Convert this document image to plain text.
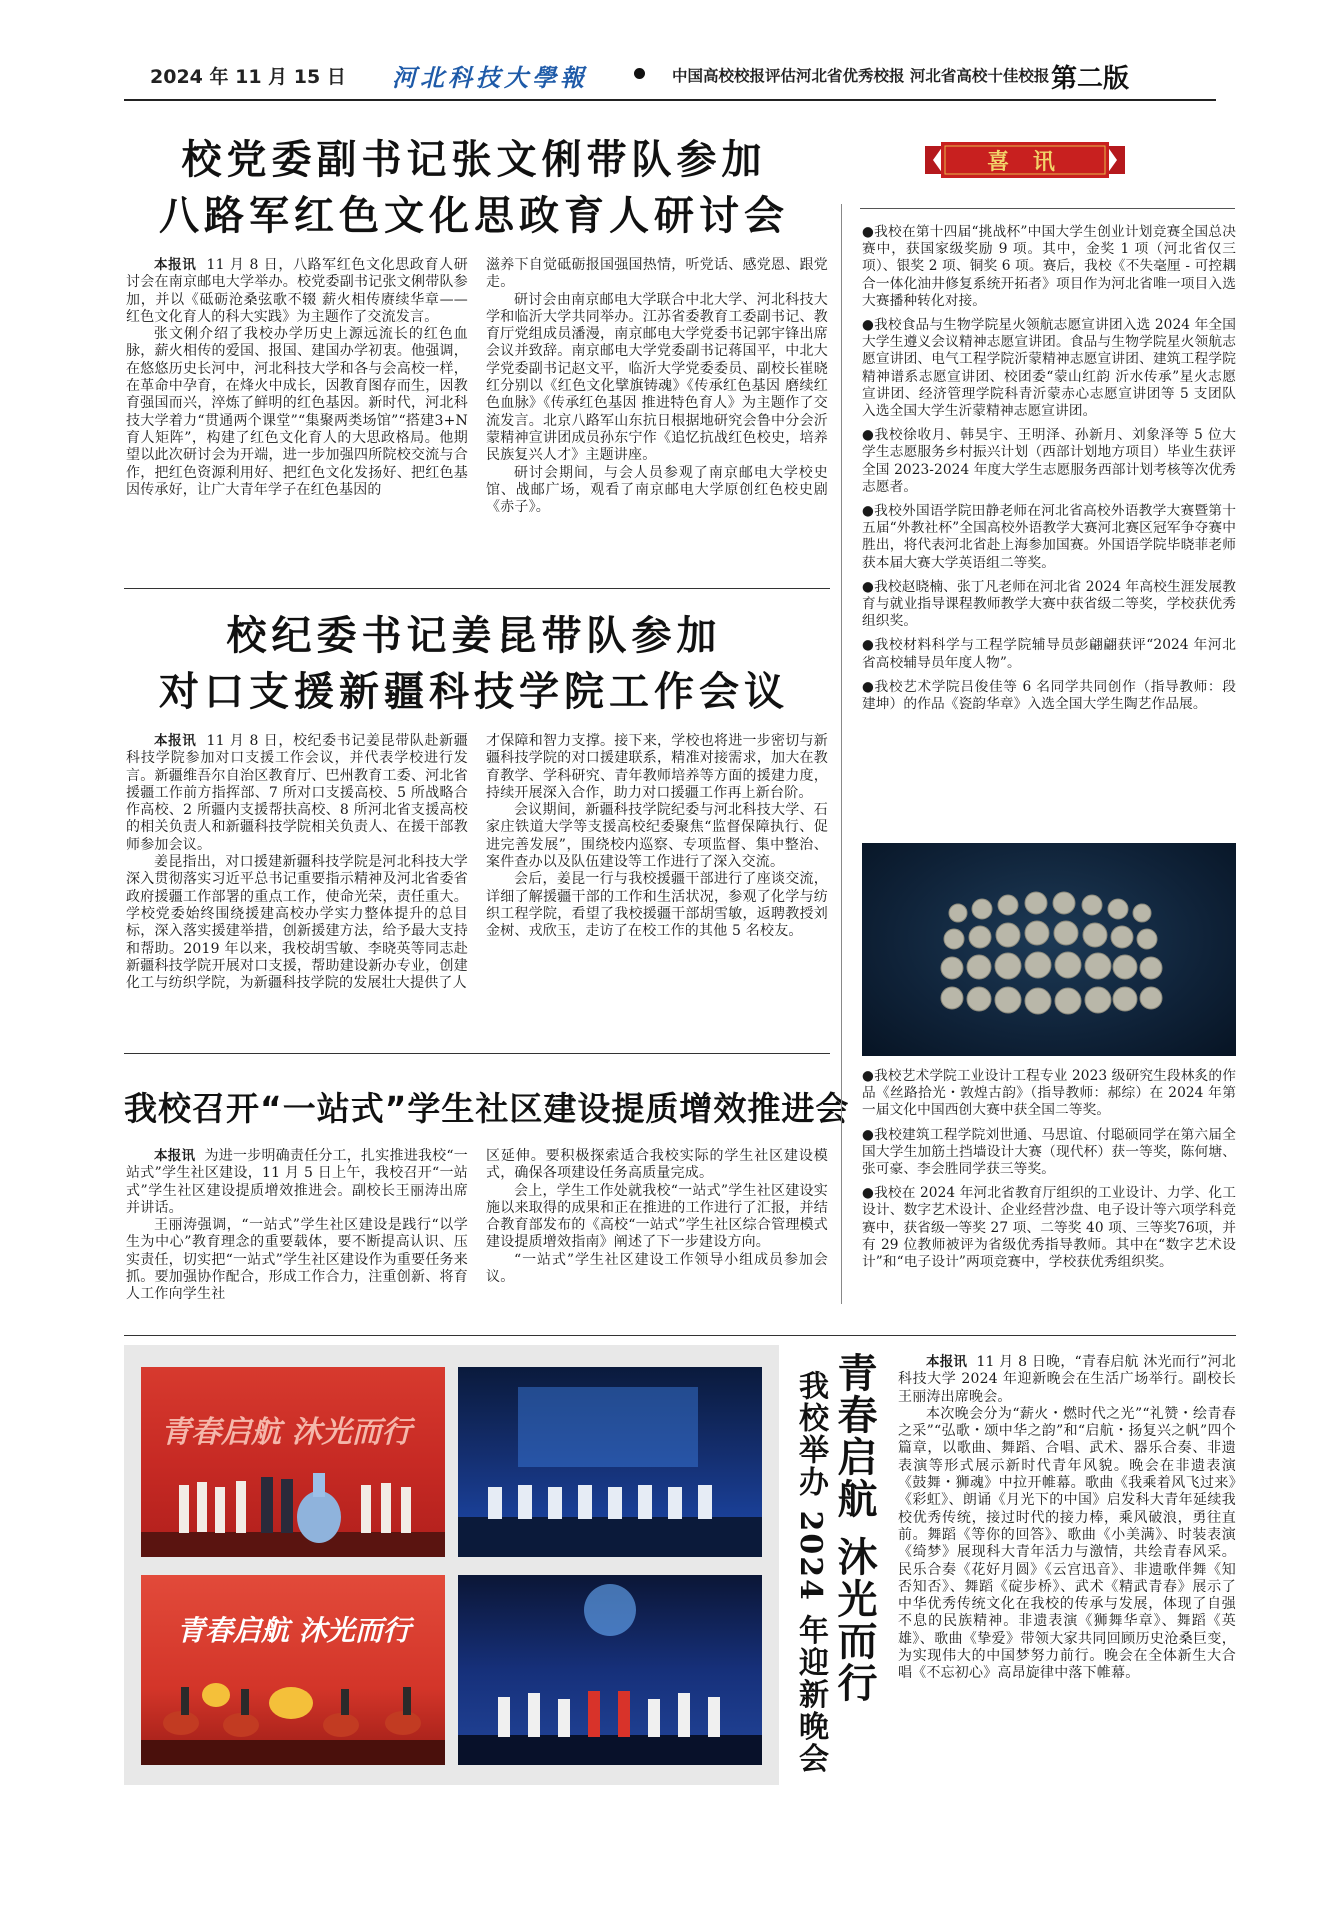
2024 年 11 月 15 日 河北科技大學報	中国高校校报评估河北省优秀校报 河北省高校十佳校报 第二版
校党委副书记张文俐带队参加
八路军红色文化思政育人研讨会

本报讯 11 月 8 日，八路军红色文化思政育人研讨会在南京邮电大学举办。校党委副书记张文俐带队参加，并以《砥砺沧桑弦歌不辍 薪火相传赓续华章——红色文化育人的科大实践》为主题作了交流发言。

张文俐介绍了我校办学历史上源远流长的红色血脉，薪火相传的爱国、报国、建国办学初衷。他强调，在悠悠历史长河中，河北科技大学和各与会高校一样，在革命中孕育，在烽火中成长，因教育图存而生，因教育强国而兴，淬炼了鲜明的红色基因。新时代，河北科技大学着力“贯通两个课堂”“集聚两类场馆”“搭建3+N 育人矩阵”，构建了红色文化育人的大思政格局。他期望以此次研讨会为开端，进一步加强四所院校交流与合作，把红色资源利用好、把红色文化发扬好、把红色基因传承好，让广大青年学子在红色基因的

滋养下自觉砥砺报国强国热情，听党话、感党恩、跟党走。

研讨会由南京邮电大学联合中北大学、河北科技大学和临沂大学共同举办。江苏省委教育工委副书记、教育厅党组成员潘漫，南京邮电大学党委书记郭宇锋出席会议并致辞。南京邮电大学党委副书记蒋国平，中北大学党委副书记赵文平，临沂大学党委委员、副校长崔晓红分别以《红色文化擘旗铸魂》《传承红色基因 磨续红色血脉》《传承红色基因 推进特色育人》为主题作了交流发言。北京八路军山东抗日根据地研究会鲁中分会沂蒙精神宣讲团成员孙东宁作《追忆抗战红色校史，培养民族复兴人才》主题讲座。

研讨会期间，与会人员参观了南京邮电大学校史馆、战邮广场，观看了南京邮电大学原创红色校史剧《赤子》。

校纪委书记姜昆带队参加
对口支援新疆科技学院工作会议

本报讯 11 月 8 日，校纪委书记姜昆带队赴新疆科技学院参加对口支援工作会议，并代表学校进行发言。新疆维吾尔自治区教育厅、巴州教育工委、河北省援疆工作前方指挥部、7 所对口支援高校、5 所战略合作高校、2 所疆内支援帮扶高校、8 所河北省支援高校的相关负责人和新疆科技学院相关负责人、在援干部教师参加会议。

姜昆指出，对口援建新疆科技学院是河北科技大学深入贯彻落实习近平总书记重要指示精神及河北省委省政府援疆工作部署的重点工作，使命光荣，责任重大。学校党委始终围绕援建高校办学实力整体提升的总目标，深入落实援建举措，创新援建方法，给予最大支持和帮助。2019 年以来，我校胡雪敏、李晓英等同志赴新疆科技学院开展对口支援，帮助建设新办专业，创建化工与纺织学院，为新疆科技学院的发展壮大提供了人

才保障和智力支撑。接下来，学校也将进一步密切与新疆科技学院的对口援建联系，精准对接需求，加大在教育教学、学科研究、青年教师培养等方面的援建力度，持续开展深入合作，助力对口援疆工作再上新台阶。

会议期间，新疆科技学院纪委与河北科技大学、石家庄铁道大学等支援高校纪委聚焦“监督保障执行、促进完善发展”，围绕校内巡察、专项监督、集中整治、案件查办以及队伍建设等工作进行了深入交流。

会后，姜昆一行与我校援疆干部进行了座谈交流，详细了解援疆干部的工作和生活状况，参观了化学与纺织工程学院，看望了我校援疆干部胡雪敏，返聘教授刘金树、戎欣玉，走访了在校工作的其他 5 名校友。

我校召开“一站式”学生社区建设提质增效推进会

本报讯 为进一步明确责任分工，扎实推进我校“一站式”学生社区建设，11 月 5 日上午，我校召开“一站式”学生社区建设提质增效推进会。副校长王丽涛出席并讲话。

王丽涛强调，“一站式”学生社区建设是践行“以学生为中心”教育理念的重要载体，要不断提高认识、压实责任，切实把“一站式”学生社区建设作为重要任务来抓。要加强协作配合，形成工作合力，注重创新、将育人工作向学生社

区延伸。要积极探索适合我校实际的学生社区建设模式，确保各项建设任务高质量完成。

会上，学生工作处就我校“一站式”学生社区建设实施以来取得的成果和正在推进的工作进行了汇报，并结合教育部发布的《高校“一站式”学生社区综合管理模式建设提质增效指南》阐述了下一步建设方向。

“一站式”学生社区建设工作领导小组成员参加会议。

喜 讯

●我校在第十四届“挑战杯”中国大学生创业计划竞赛全国总决赛中，获国家级奖励 9 项。其中，金奖 1 项（河北省仅三项）、银奖 2 项、铜奖 6 项。赛后，我校《不失毫厘 - 可控耦合一体化油井修复系统开拓者》项目作为河北省唯一项目入选大赛播种转化对接。

●我校食品与生物学院星火领航志愿宣讲团入选 2024 年全国大学生遵义会议精神志愿宣讲团。食品与生物学院星火领航志愿宣讲团、电气工程学院沂蒙精神志愿宣讲团、建筑工程学院精神谱系志愿宣讲团、校团委“蒙山红韵 沂水传承”星火志愿宣讲团、经济管理学院科青沂蒙赤心志愿宣讲团等 5 支团队入选全国大学生沂蒙精神志愿宣讲团。

●我校徐收月、韩昊宇、王明泽、孙新月、刘象泽等 5 位大学生志愿服务乡村振兴计划（西部计划地方项目）毕业生获评全国 2023-2024 年度大学生志愿服务西部计划考核等次优秀志愿者。

●我校外国语学院田静老师在河北省高校外语教学大赛暨第十五届“外教社杯”全国高校外语教学大赛河北赛区冠军争夺赛中胜出，将代表河北省赴上海参加国赛。外国语学院毕晓菲老师获本届大赛大学英语组二等奖。

●我校赵晓楠、张丁凡老师在河北省 2024 年高校生涯发展教育与就业指导课程教师教学大赛中获省级二等奖，学校获优秀组织奖。

●我校材料科学与工程学院辅导员彭翩翩获评“2024 年河北省高校辅导员年度人物”。

●我校艺术学院吕俊佳等 6 名同学共同创作（指导教师：段建坤）的作品《瓷韵华章》入选全国大学生陶艺作品展。

●我校艺术学院工业设计工程专业 2023 级研究生段林炙的作品《丝路拾光・敦煌古韵》（指导教师：郝综）在 2024 年第一届文化中国西创大赛中获全国二等奖。

●我校建筑工程学院刘世通、马思谊、付聪硕同学在第六届全国大学生加筋土挡墙设计大赛（现代杯）获一等奖，陈何塘、张可豪、李会胜同学获三等奖。

●我校在 2024 年河北省教育厅组织的工业设计、力学、化工设计、数字艺术设计、企业经营沙盘、电子设计等六项学科竞赛中，获省级一等奖 27 项、二等奖 40 项、三等奖76项，并有 29 位教师被评为省级优秀指导教师。其中在“数字艺术设计”和“电子设计”两项竞赛中，学校获优秀组织奖。

青春启航 沐光而行
青春启航 沐光而行	青春启航 沐光而行
我校举办 2024 年迎新晚会

本报讯 11 月 8 日晚，“青春启航 沐光而行”河北科技大学 2024 年迎新晚会在生活广场举行。副校长王丽涛出席晚会。

本次晚会分为“薪火・燃时代之光”“礼赞・绘青春之采”“弘歌・颂中华之韵”和“启航・扬复兴之帆”四个篇章，以歌曲、舞蹈、合唱、武术、器乐合奏、非遗表演等形式展示新时代青年风貌。晚会在非遗表演《鼓舞・狮魂》中拉开帷幕。歌曲《我乘着风飞过来》《彩虹》、朗诵《月光下的中国》启发科大青年延续我校优秀传统，接过时代的接力棒，乘风破浪，勇往直前。舞蹈《等你的回答》、歌曲《小美满》、时装表演《绮梦》展现科大青年活力与激情，共绘青春风采。民乐合奏《花好月圆》《云宫迅音》、非遗歌伴舞《知否知否》、舞蹈《碇步桥》、武术《精武青春》展示了中华优秀传统文化在我校的传承与发展，体现了自强不息的民族精神。非遗表演《狮舞华章》、舞蹈《英雄》、歌曲《挚爱》带领大家共同回顾历史沧桑巨变，为实现伟大的中国梦努力前行。晚会在全体新生大合唱《不忘初心》高昂旋律中落下帷幕。
